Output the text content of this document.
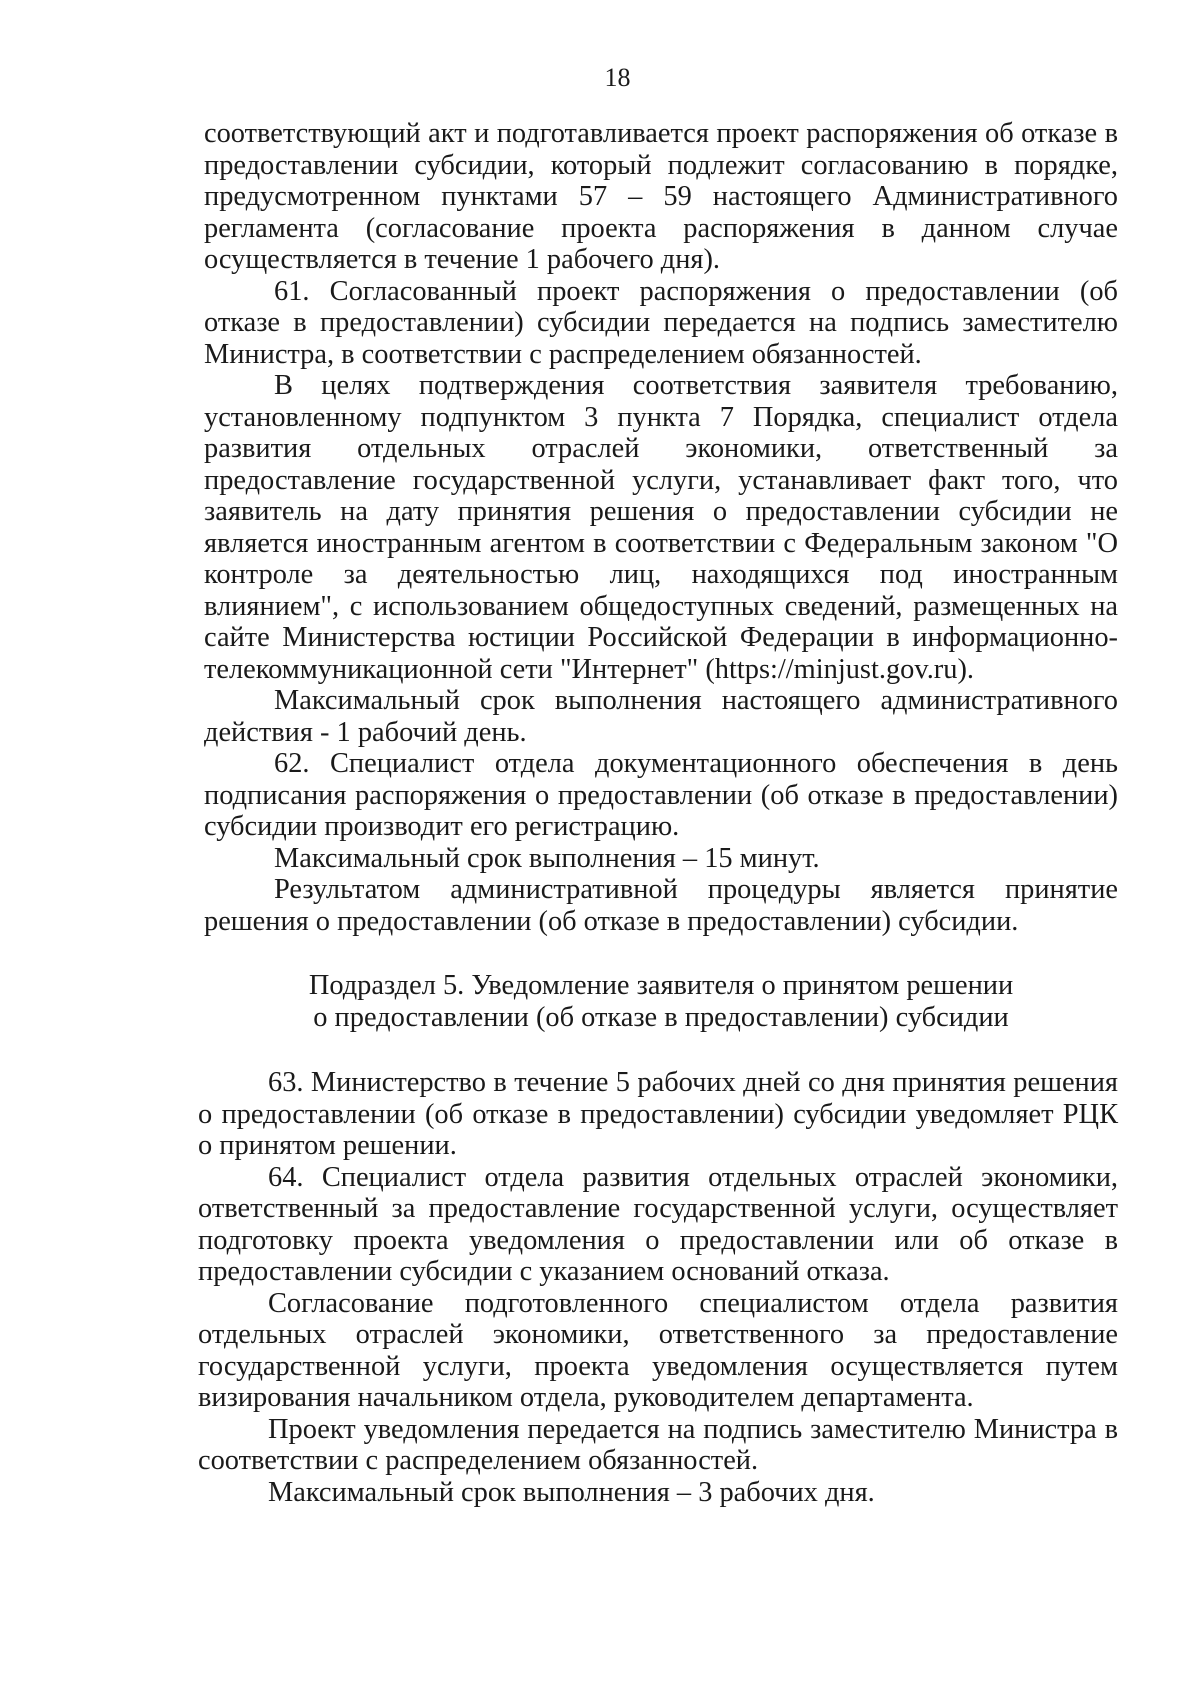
18

соответствующий акт и подготавливается проект распоряжения об отказе в предоставлении субсидии, который подлежит согласованию в порядке, предусмотренном пунктами 57 – 59 настоящего Административного регламента (согласование проекта распоряжения в данном случае осуществляется в течение 1 рабочего дня).

61. Согласованный проект распоряжения о предоставлении (об отказе в предоставлении) субсидии передается на подпись заместителю Министра, в соответствии с распределением обязанностей.

В целях подтверждения соответствия заявителя требованию, установленному подпунктом 3 пункта 7 Порядка, специалист отдела развития отдельных отраслей экономики, ответственный за предоставление государственной услуги, устанавливает факт того, что заявитель на дату принятия решения о предоставлении субсидии не является иностранным агентом в соответствии с Федеральным законом "О контроле за деятельностью лиц, находящихся под иностранным влиянием", с использованием общедоступных сведений, размещенных на сайте Министерства юстиции Российской Федерации в информационно-телекоммуникационной сети "Интернет" (https://minjust.gov.ru).

Максимальный срок выполнения настоящего административного действия - 1 рабочий день.

62. Специалист отдела документационного обеспечения в день подписания распоряжения о предоставлении (об отказе в предоставлении) субсидии производит его регистрацию.

Максимальный срок выполнения – 15 минут.

Результатом административной процедуры является принятие решения о предоставлении (об отказе в предоставлении) субсидии.

Подраздел 5. Уведомление заявителя о принятом решении
о предоставлении (об отказе в предоставлении) субсидии

63. Министерство в течение 5 рабочих дней со дня принятия решения о предоставлении (об отказе в предоставлении) субсидии уведомляет РЦК о принятом решении.

64. Специалист отдела развития отдельных отраслей экономики, ответственный за предоставление государственной услуги, осуществляет подготовку проекта уведомления о предоставлении или об отказе в предоставлении субсидии с указанием оснований отказа.

Согласование подготовленного специалистом отдела развития отдельных отраслей экономики, ответственного за предоставление государственной услуги, проекта уведомления осуществляется путем визирования начальником отдела, руководителем департамента.

Проект уведомления передается на подпись заместителю Министра в соответствии с распределением обязанностей.

Максимальный срок выполнения – 3 рабочих дня.
